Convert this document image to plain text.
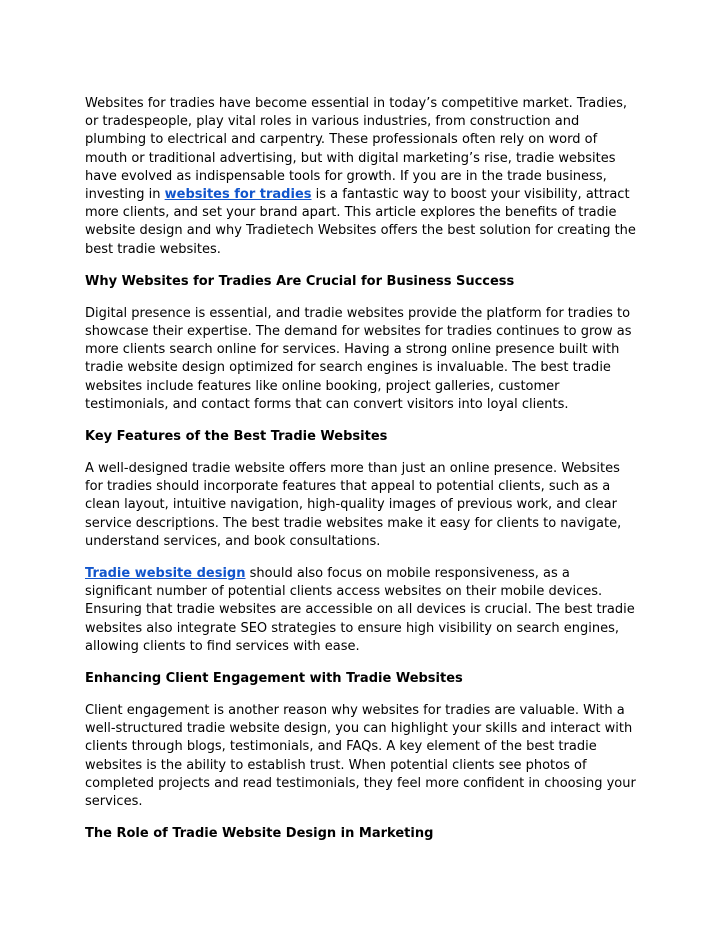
Websites for tradies have become essential in today’s competitive market. Tradies, or tradespeople, play vital roles in various industries, from construction and plumbing to electrical and carpentry. These professionals often rely on word of mouth or traditional advertising, but with digital marketing’s rise, tradie websites have evolved as indispensable tools for growth. If you are in the trade business, investing in websites for tradies is a fantastic way to boost your visibility, attract more clients, and set your brand apart. This article explores the benefits of tradie website design and why Tradietech Websites offers the best solution for creating the best tradie websites.

Why Websites for Tradies Are Crucial for Business Success

Digital presence is essential, and tradie websites provide the platform for tradies to showcase their expertise. The demand for websites for tradies continues to grow as more clients search online for services. Having a strong online presence built with tradie website design optimized for search engines is invaluable. The best tradie websites include features like online booking, project galleries, customer testimonials, and contact forms that can convert visitors into loyal clients.

Key Features of the Best Tradie Websites

A well-designed tradie website offers more than just an online presence. Websites for tradies should incorporate features that appeal to potential clients, such as a clean layout, intuitive navigation, high-quality images of previous work, and clear service descriptions. The best tradie websites make it easy for clients to navigate, understand services, and book consultations.

Tradie website design should also focus on mobile responsiveness, as a significant number of potential clients access websites on their mobile devices. Ensuring that tradie websites are accessible on all devices is crucial. The best tradie websites also integrate SEO strategies to ensure high visibility on search engines, allowing clients to find services with ease.

Enhancing Client Engagement with Tradie Websites

Client engagement is another reason why websites for tradies are valuable. With a well-structured tradie website design, you can highlight your skills and interact with clients through blogs, testimonials, and FAQs. A key element of the best tradie websites is the ability to establish trust. When potential clients see photos of completed projects and read testimonials, they feel more confident in choosing your services.

The Role of Tradie Website Design in Marketing
